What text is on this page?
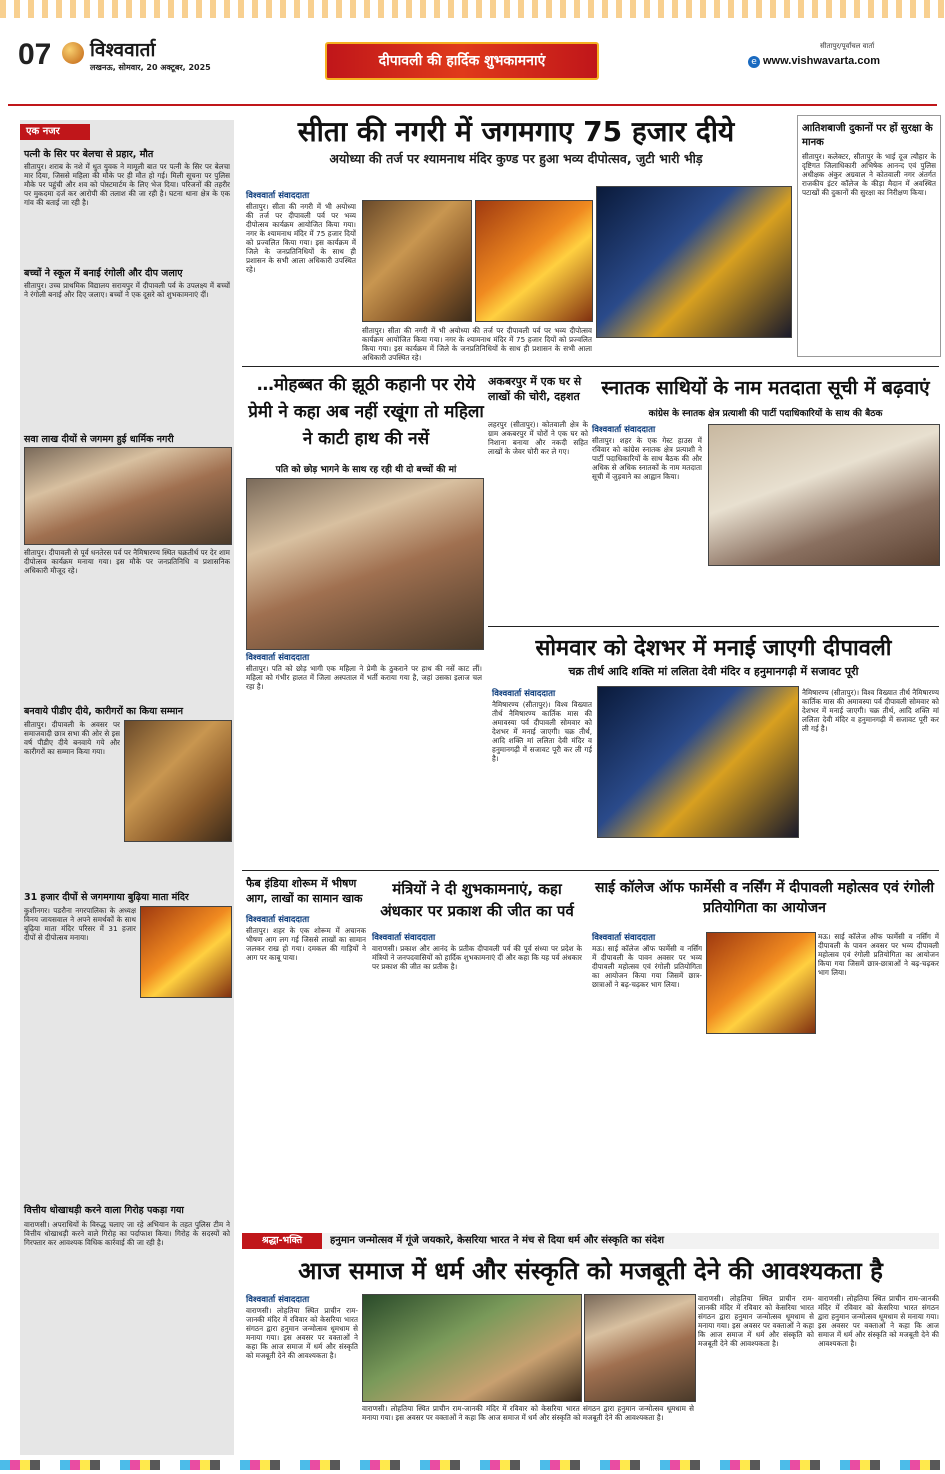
07 विश्ववार्ता
लखनऊ, सोमवार, 20 अक्टूबर, 2025	दीपावली की हार्दिक शुभकामनाएं
सीतापुर/पूर्वांचल वार्ता
e www.vishwavarta.com
एक नजर
पत्नी के सिर पर बेलचा से प्रहार, मौत
सीतापुर। शराब के नशे में धुत युवक ने मामूली बात पर पत्नी के सिर पर बेलचा मार दिया, जिससे महिला की मौके पर ही मौत हो गई। मिली सूचना पर पुलिस मौके पर पहुंची और शव को पोस्टमार्टम के लिए भेज दिया। परिजनों की तहरीर पर मुकदमा दर्ज कर आरोपी की तलाश की जा रही है। घटना थाना क्षेत्र के एक गांव की बताई जा रही है।
बच्चों ने स्कूल में बनाई रंगोली और दीप जलाए
सीतापुर। उच्च प्राथमिक विद्यालय सरायपुर में दीपावली पर्व के उपलक्ष्य में बच्चों ने रंगोली बनाई और दिए जलाए। बच्चों ने एक दूसरे को शुभकामनाएं दीं।
सवा लाख दीयों से जगमग हुई धार्मिक नगरी
सीतापुर। दीपावली से पूर्व धनतेरस पर्व पर नैमिषारण्य स्थित चक्रतीर्थ पर देर शाम दीपोत्सव कार्यक्रम मनाया गया। इस मौके पर जनप्रतिनिधि व प्रशासनिक अधिकारी मौजूद रहे।
बनवाये पीडीए दीये, कारीगरों का किया सम्मान
सीतापुर। दीपावली के अवसर पर समाजवादी छात्र सभा की ओर से इस वर्ष पीडीए दीये बनवाये गये और कारीगरों का सम्मान किया गया।
31 हजार दीपों से जगमगाया बुढ़िया माता मंदिर
कुशीनगर। पडरौना नगरपालिका के अध्यक्ष विनय जायसवाल ने अपने समर्थकों के साथ बुढ़िया माता मंदिर परिसर में 31 हजार दीपों से दीपोत्सव मनाया।
वित्तीय धोखाधड़ी करने वाला गिरोह पकड़ा गया
वाराणसी। अपराधियों के विरुद्ध चलाए जा रहे अभियान के तहत पुलिस टीम ने वित्तीय धोखाधड़ी करने वाले गिरोह का पर्दाफाश किया। गिरोह के सदस्यों को गिरफ्तार कर आवश्यक विधिक कार्रवाई की जा रही है।
सीता की नगरी में जगमगाए 75 हजार दीये
अयोध्या की तर्ज पर श्यामनाथ मंदिर कुण्ड पर हुआ भव्य दीपोत्सव, जुटी भारी भीड़
विश्ववार्ता संवाददाता
सीतापुर। सीता की नगरी में भी अयोध्या की तर्ज पर दीपावली पर्व पर भव्य दीपोत्सव कार्यक्रम आयोजित किया गया। नगर के श्यामनाथ मंदिर में 75 हजार दियों को प्रज्वलित किया गया। इस कार्यक्रम में जिले के जनप्रतिनिधियों के साथ ही प्रशासन के सभी आला अधिकारी उपस्थित रहे।
सीतापुर। सीता की नगरी में भी अयोध्या की तर्ज पर दीपावली पर्व पर भव्य दीपोत्सव कार्यक्रम आयोजित किया गया। नगर के श्यामनाथ मंदिर में 75 हजार दियों को प्रज्वलित किया गया। इस कार्यक्रम में जिले के जनप्रतिनिधियों के साथ ही प्रशासन के सभी आला अधिकारी उपस्थित रहे।
आतिशबाजी दुकानों पर हों सुरक्षा के मानक
सीतापुर। कलेक्टर, सीतापुर के भाई दूज त्यौहार के दृष्टिगत जिलाधिकारी अभिषेक आनन्द एवं पुलिस अधीक्षक अंकुर अग्रवाल ने कोतवाली नगर अंतर्गत राजकीय इंटर कॉलेज के कीड़ा मैदान में अवस्थित पटाखों की दुकानों की सुरक्षा का निरीक्षण किया।
…मोहब्बत की झूठी कहानी पर रोये प्रेमी ने कहा अब नहीं रखूंगा तो महिला ने काटी हाथ की नसें
पति को छोड़ भागने के साथ रह रही थी दो बच्चों की मां
विश्ववार्ता संवाददाता
सीतापुर। पति को छोड़ भागी एक महिला ने प्रेमी के ठुकराने पर हाथ की नसें काट लीं। महिला को गंभीर हालत में जिला अस्पताल में भर्ती कराया गया है, जहां उसका इलाज चल रहा है।
अकबरपुर में एक घर से लाखों की चोरी, दहशत
लहरपुर (सीतापुर)। कोतवाली क्षेत्र के ग्राम अकबरपुर में चोरों ने एक घर को निशाना बनाया और नकदी सहित लाखों के जेवर चोरी कर ले गए।
स्नातक साथियों के नाम मतदाता सूची में बढ़वाएं
कांग्रेस के स्नातक क्षेत्र प्रत्याशी की पार्टी पदाधिकारियों के साथ की बैठक
विश्ववार्ता संवाददाता
सीतापुर। शहर के एक गेस्ट हाउस में रविवार को कांग्रेस स्नातक क्षेत्र प्रत्याशी ने पार्टी पदाधिकारियों के साथ बैठक की और अधिक से अधिक स्नातकों के नाम मतदाता सूची में जुड़वाने का आह्वान किया।
सोमवार को देशभर में मनाई जाएगी दीपावली
चक्र तीर्थ आदि शक्ति मां ललिता देवी मंदिर व हनुमानगढ़ी में सजावट पूरी
विश्ववार्ता संवाददाता
नैमिषारण्य (सीतापुर)। विश्व विख्यात तीर्थ नैमिषारण्य कार्तिक मास की अमावस्या पर्व दीपावली सोमवार को देशभर में मनाई जाएगी। चक्र तीर्थ, आदि शक्ति मां ललिता देवी मंदिर व हनुमानगढ़ी में सजावट पूरी कर ली गई है।
नैमिषारण्य (सीतापुर)। विश्व विख्यात तीर्थ नैमिषारण्य कार्तिक मास की अमावस्या पर्व दीपावली सोमवार को देशभर में मनाई जाएगी। चक्र तीर्थ, आदि शक्ति मां ललिता देवी मंदिर व हनुमानगढ़ी में सजावट पूरी कर ली गई है।
फैब इंडिया शोरूम में भीषण आग, लाखों का सामान खाक
विश्ववार्ता संवाददाता
सीतापुर। शहर के एक शोरूम में अचानक भीषण आग लग गई जिससे लाखों का सामान जलकर राख हो गया। दमकल की गाड़ियों ने आग पर काबू पाया।
मंत्रियों ने दी शुभकामनाएं, कहा अंधकार पर प्रकाश की जीत का पर्व
विश्ववार्ता संवाददाता
वाराणसी। प्रकाश और आनंद के प्रतीक दीपावली पर्व की पूर्व संध्या पर प्रदेश के मंत्रियों ने जनपदवासियों को हार्दिक शुभकामनाएं दीं और कहा कि यह पर्व अंधकार पर प्रकाश की जीत का प्रतीक है।
साई कॉलेज ऑफ फार्मेसी व नर्सिंग में दीपावली महोत्सव एवं रंगोली प्रतियोगिता का आयोजन
विश्ववार्ता संवाददाता
मऊ। साई कॉलेज ऑफ फार्मेसी व नर्सिंग में दीपावली के पावन अवसर पर भव्य दीपावली महोत्सव एवं रंगोली प्रतियोगिता का आयोजन किया गया जिसमें छात्र-छात्राओं ने बढ़-चढ़कर भाग लिया।
मऊ। साई कॉलेज ऑफ फार्मेसी व नर्सिंग में दीपावली के पावन अवसर पर भव्य दीपावली महोत्सव एवं रंगोली प्रतियोगिता का आयोजन किया गया जिसमें छात्र-छात्राओं ने बढ़-चढ़कर भाग लिया।
श्रद्धा-भक्ति	हनुमान जन्मोत्सव में गूंजे जयकारे, केसरिया भारत ने मंच से दिया धर्म और संस्कृति का संदेश
आज समाज में धर्म और संस्कृति को मजबूती देने की आवश्यकता है
विश्ववार्ता संवाददाता
वाराणसी। लोहतिया स्थित प्राचीन राम-जानकी मंदिर में रविवार को केसरिया भारत संगठन द्वारा हनुमान जन्मोत्सव धूमधाम से मनाया गया। इस अवसर पर वक्ताओं ने कहा कि आज समाज में धर्म और संस्कृति को मजबूती देने की आवश्यकता है।
वाराणसी। लोहतिया स्थित प्राचीन राम-जानकी मंदिर में रविवार को केसरिया भारत संगठन द्वारा हनुमान जन्मोत्सव धूमधाम से मनाया गया। इस अवसर पर वक्ताओं ने कहा कि आज समाज में धर्म और संस्कृति को मजबूती देने की आवश्यकता है।
वाराणसी। लोहतिया स्थित प्राचीन राम-जानकी मंदिर में रविवार को केसरिया भारत संगठन द्वारा हनुमान जन्मोत्सव धूमधाम से मनाया गया। इस अवसर पर वक्ताओं ने कहा कि आज समाज में धर्म और संस्कृति को मजबूती देने की आवश्यकता है।
वाराणसी। लोहतिया स्थित प्राचीन राम-जानकी मंदिर में रविवार को केसरिया भारत संगठन द्वारा हनुमान जन्मोत्सव धूमधाम से मनाया गया। इस अवसर पर वक्ताओं ने कहा कि आज समाज में धर्म और संस्कृति को मजबूती देने की आवश्यकता है।
